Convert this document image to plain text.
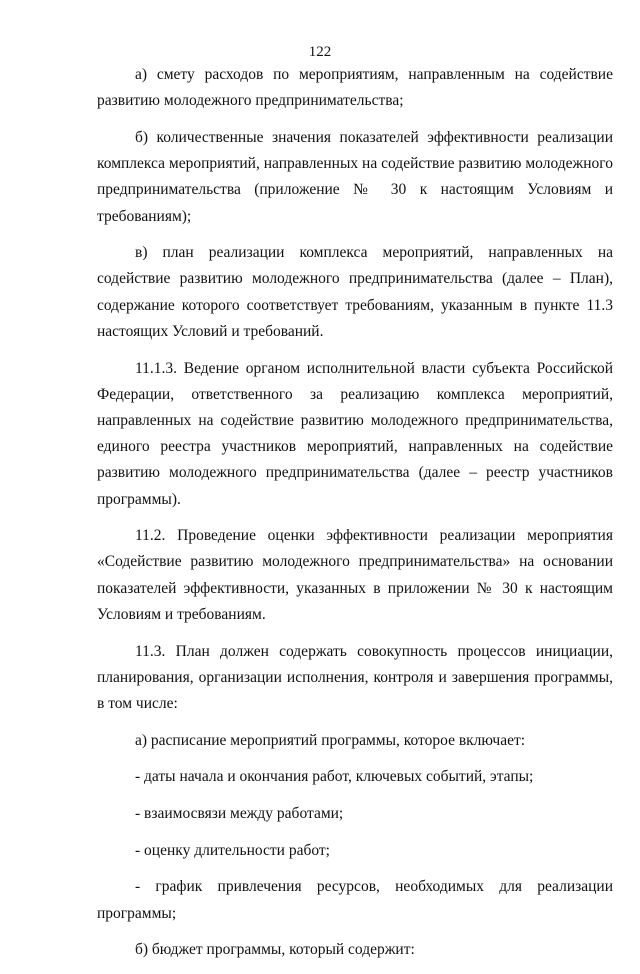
122

а) смету расходов по мероприятиям, направленным на содействие развитию молодежного предпринимательства;

б) количественные значения показателей эффективности реализации комплекса мероприятий, направленных на содействие развитию молодежного предпринимательства (приложение № 30 к настоящим Условиям и требованиям);

в) план реализации комплекса мероприятий, направленных на содействие развитию молодежного предпринимательства (далее – План), содержание которого соответствует требованиям, указанным в пункте 11.3 настоящих Условий и требований.

11.1.3. Ведение органом исполнительной власти субъекта Российской Федерации, ответственного за реализацию комплекса мероприятий, направленных на содействие развитию молодежного предпринимательства, единого реестра участников мероприятий, направленных на содействие развитию молодежного предпринимательства (далее – реестр участников программы).

11.2. Проведение оценки эффективности реализации мероприятия «Содействие развитию молодежного предпринимательства» на основании показателей эффективности, указанных в приложении № 30 к настоящим Условиям и требованиям.

11.3. План должен содержать совокупность процессов инициации, планирования, организации исполнения, контроля и завершения программы, в том числе:

а) расписание мероприятий программы, которое включает:

- даты начала и окончания работ, ключевых событий, этапы;

- взаимосвязи между работами;

- оценку длительности работ;

- график привлечения ресурсов, необходимых для реализации программы;

б) бюджет программы, который содержит:
